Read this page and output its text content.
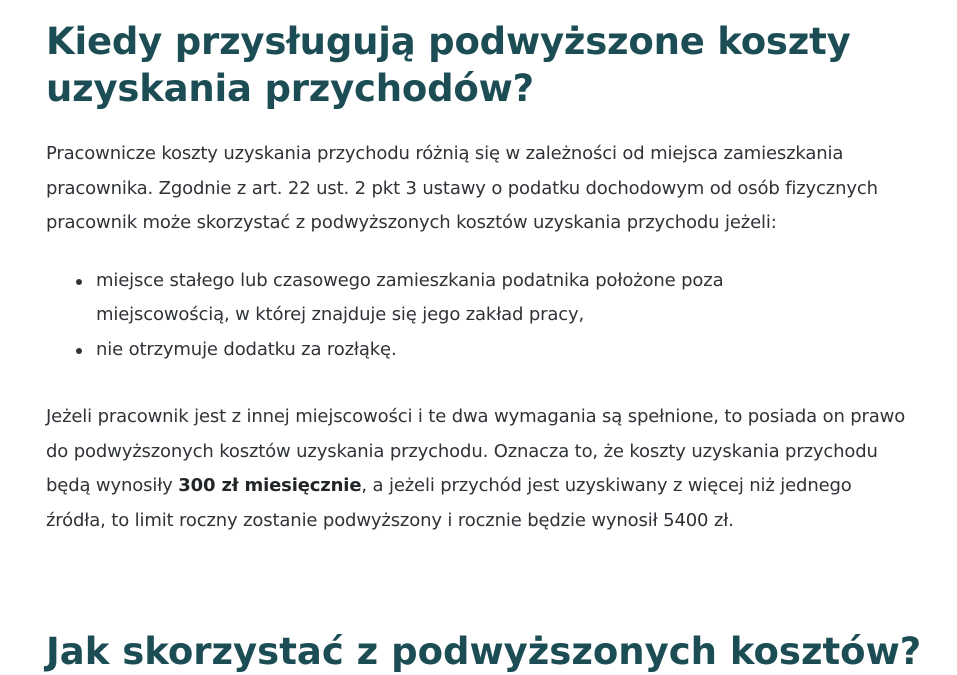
Kiedy przysługują podwyższone koszty uzyskania przychodów?

Pracownicze koszty uzyskania przychodu różnią się w zależności od miejsca zamieszkania pracownika. Zgodnie z art. 22 ust. 2 pkt 3 ustawy o podatku dochodowym od osób fizycznych pracownik może skorzystać z podwyższonych kosztów uzyskania przychodu jeżeli:

miejsce stałego lub czasowego zamieszkania podatnika położone poza miejscowością, w której znajduje się jego zakład pracy,
nie otrzymuje dodatku za rozłąkę.

Jeżeli pracownik jest z innej miejscowości i te dwa wymagania są spełnione, to posiada on prawo do podwyższonych kosztów uzyskania przychodu. Oznacza to, że koszty uzyskania przychodu będą wynosiły 300 zł miesięcznie, a jeżeli przychód jest uzyskiwany z więcej niż jednego źródła, to limit roczny zostanie podwyższony i rocznie będzie wynosił 5400 zł.

Jak skorzystać z podwyższonych kosztów?
